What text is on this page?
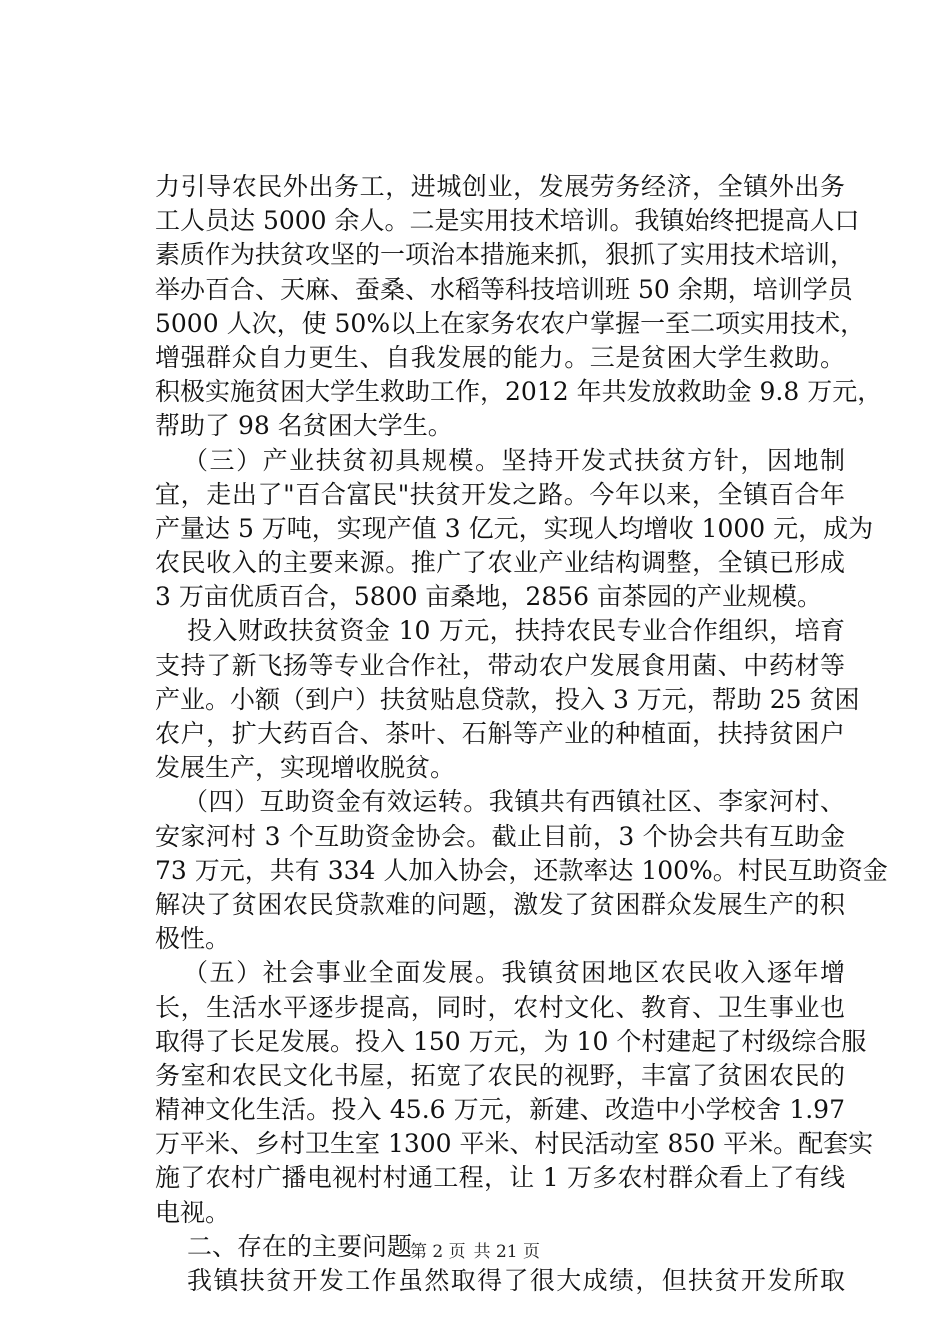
力引导农民外出务工，进城创业，发展劳务经济，全镇外出务
工人员达 5000 余人。二是实用技术培训。我镇始终把提高人口
素质作为扶贫攻坚的一项治本措施来抓，狠抓了实用技术培训，
举办百合、天麻、蚕桑、水稻等科技培训班 50 余期，培训学员
5000 人次，使 50%以上在家务农农户掌握一至二项实用技术，
增强群众自力更生、自我发展的能力。三是贫困大学生救助。
积极实施贫困大学生救助工作，2012 年共发放救助金 9.8 万元，
帮助了 98 名贫困大学生。
（三）产业扶贫初具规模。坚持开发式扶贫方针，因地制
宜，走出了"百合富民"扶贫开发之路。今年以来，全镇百合年
产量达 5 万吨，实现产值 3 亿元，实现人均增收 1000 元，成为
农民收入的主要来源。推广了农业产业结构调整，全镇已形成
3 万亩优质百合，5800 亩桑地，2856 亩茶园的产业规模。
投入财政扶贫资金 10 万元，扶持农民专业合作组织，培育
支持了新飞扬等专业合作社，带动农户发展食用菌、中药材等
产业。小额（到户）扶贫贴息贷款，投入 3 万元，帮助 25 贫困
农户，扩大药百合、茶叶、石斛等产业的种植面，扶持贫困户
发展生产，实现增收脱贫。
（四）互助资金有效运转。我镇共有西镇社区、李家河村、
安家河村 3 个互助资金协会。截止目前，3 个协会共有互助金
73 万元，共有 334 人加入协会，还款率达 100%。村民互助资金
解决了贫困农民贷款难的问题，激发了贫困群众发展生产的积
极性。
（五）社会事业全面发展。我镇贫困地区农民收入逐年增
长，生活水平逐步提高，同时，农村文化、教育、卫生事业也
取得了长足发展。投入 150 万元，为 10 个村建起了村级综合服
务室和农民文化书屋，拓宽了农民的视野，丰富了贫困农民的
精神文化生活。投入 45.6 万元，新建、改造中小学校舍 1.97
万平米、乡村卫生室 1300 平米、村民活动室 850 平米。配套实
施了农村广播电视村村通工程，让 1 万多农村群众看上了有线
电视。
二、存在的主要问题
我镇扶贫开发工作虽然取得了很大成绩，但扶贫开发所取
第 2 页 共 21 页
